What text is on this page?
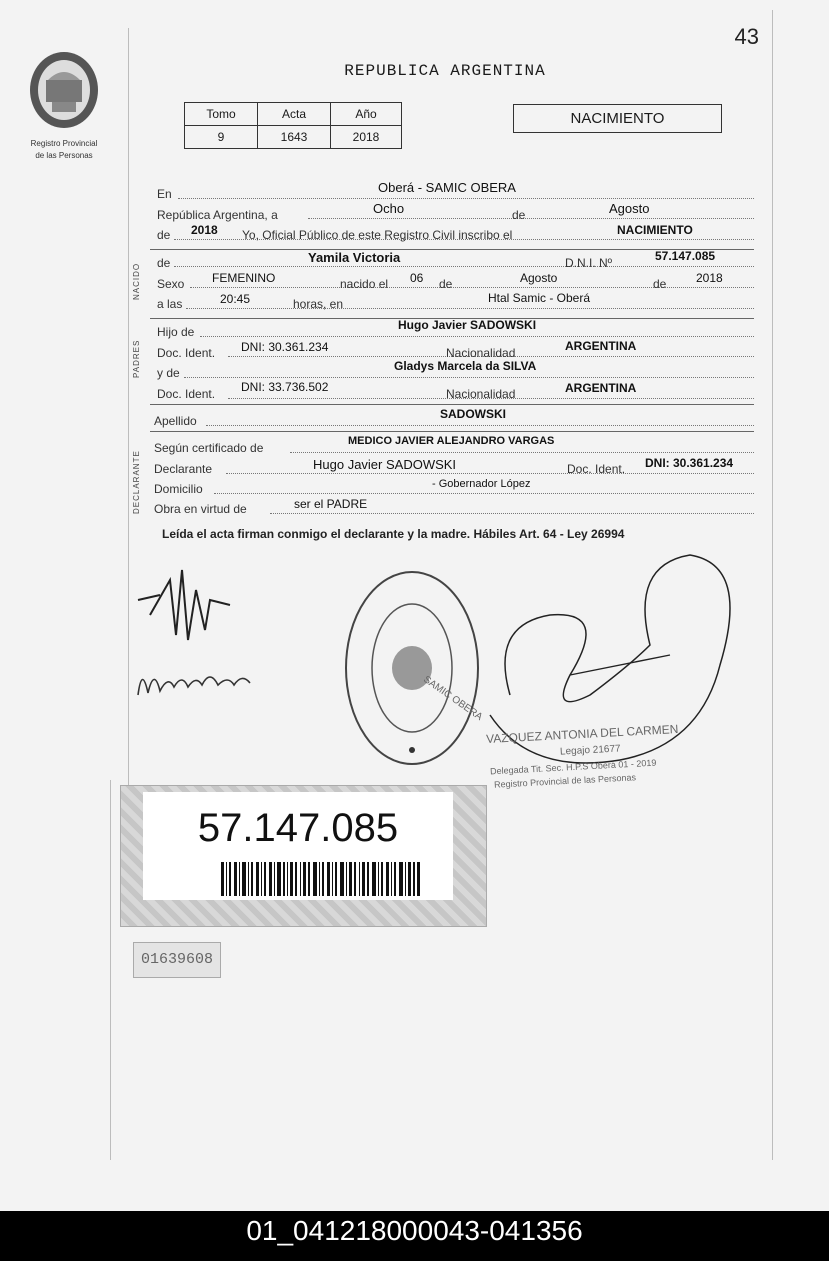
43
Registro Provincial
de las Personas
REPUBLICA ARGENTINA
Tomo	Acta	Año
9	1643	2018
NACIMIENTO
En	Oberá - SAMIC OBERA
República Argentina, a	Ocho	de	Agosto
de 2018 Yo, Oficial Público de este Registro Civil inscribo el	NACIMIENTO
NACIDO de	Yamila Victoria	D.N.I. Nº	57.147.085
Sexo FEMENINO	nacido el 06 de	Agosto	de 2018
a las	20:45	horas, en	Htal Samic - Oberá
PADRES
Hijo de	Hugo Javier SADOWSKI
Doc. Ident. DNI: 30.361.234	Nacionalidad	ARGENTINA
y de	Gladys Marcela da SILVA
Doc. Ident. DNI: 33.736.502	Nacionalidad	ARGENTINA
Apellido	SADOWSKI
DECLARANTE
Según certificado de	MEDICO JAVIER ALEJANDRO VARGAS
Declarante	Hugo Javier SADOWSKI	Doc. Ident. DNI: 30.361.234
Domicilio	- Gobernador López
Obra en virtud de	ser el PADRE
Leída el acta firman conmigo el declarante y la madre. Hábiles Art. 64 - Ley 26994
SAMIC OBERA
VAZQUEZ ANTONIA DEL CARMEN
Legajo 21677
Delegada Tit. Sec. H.P.S Oberá 01 - 2019
Registro Provincial de las Personas
57.147.085
01639608
01_041218000043-041356
